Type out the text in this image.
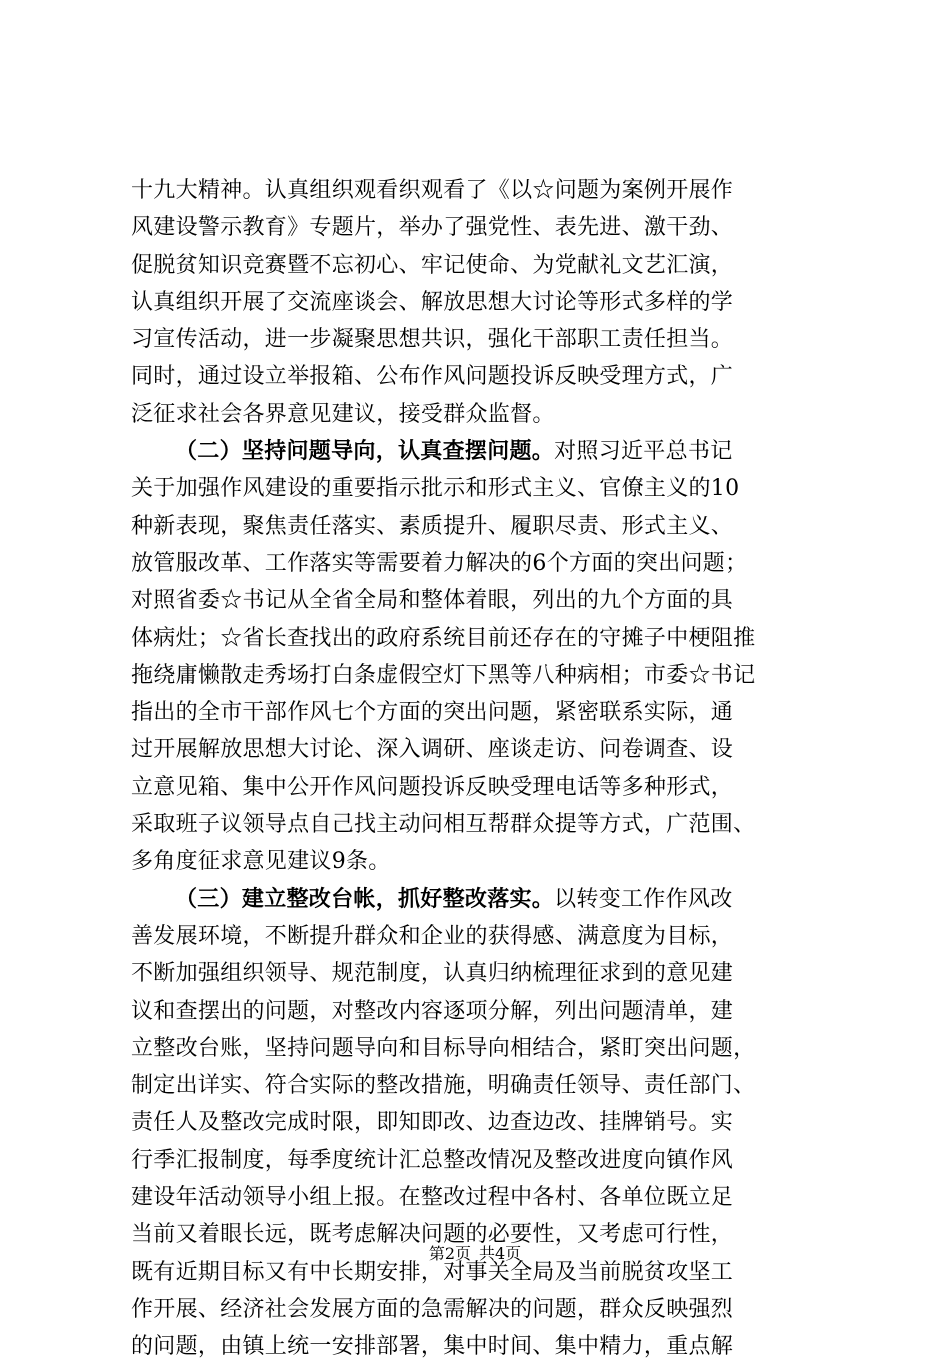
十九大精神。认真组织观看织观看了《以☆问题为案例开展作
风建设警示教育》专题片，举办了强党性、表先进、激干劲、
促脱贫知识竞赛暨不忘初心、牢记使命、为党献礼文艺汇演，
认真组织开展了交流座谈会、解放思想大讨论等形式多样的学
习宣传活动，进一步凝聚思想共识，强化干部职工责任担当。
同时，通过设立举报箱、公布作风问题投诉反映受理方式，广
泛征求社会各界意见建议，接受群众监督。
（二）坚持问题导向，认真查摆问题。对照习近平总书记
关于加强作风建设的重要指示批示和形式主义、官僚主义的10
种新表现，聚焦责任落实、素质提升、履职尽责、形式主义、
放管服改革、工作落实等需要着力解决的6个方面的突出问题；
对照省委☆书记从全省全局和整体着眼，列出的九个方面的具
体病灶；☆省长查找出的政府系统目前还存在的守摊子中梗阻推
拖绕庸懒散走秀场打白条虚假空灯下黑等八种病相；市委☆书记
指出的全市干部作风七个方面的突出问题，紧密联系实际，通
过开展解放思想大讨论、深入调研、座谈走访、问卷调查、设
立意见箱、集中公开作风问题投诉反映受理电话等多种形式，
采取班子议领导点自己找主动问相互帮群众提等方式，广范围、
多角度征求意见建议9条。
（三）建立整改台帐，抓好整改落实。以转变工作作风改
善发展环境，不断提升群众和企业的获得感、满意度为目标，
不断加强组织领导、规范制度，认真归纳梳理征求到的意见建
议和查摆出的问题，对整改内容逐项分解，列出问题清单，建
立整改台账，坚持问题导向和目标导向相结合，紧盯突出问题，
制定出详实、符合实际的整改措施，明确责任领导、责任部门、
责任人及整改完成时限，即知即改、边查边改、挂牌销号。实
行季汇报制度，每季度统计汇总整改情况及整改进度向镇作风
建设年活动领导小组上报。在整改过程中各村、各单位既立足
当前又着眼长远，既考虑解决问题的必要性，又考虑可行性，
既有近期目标又有中长期安排，对事关全局及当前脱贫攻坚工
作开展、经济社会发展方面的急需解决的问题，群众反映强烈
的问题，由镇上统一安排部署，集中时间、集中精力，重点解
第2页 共4页
